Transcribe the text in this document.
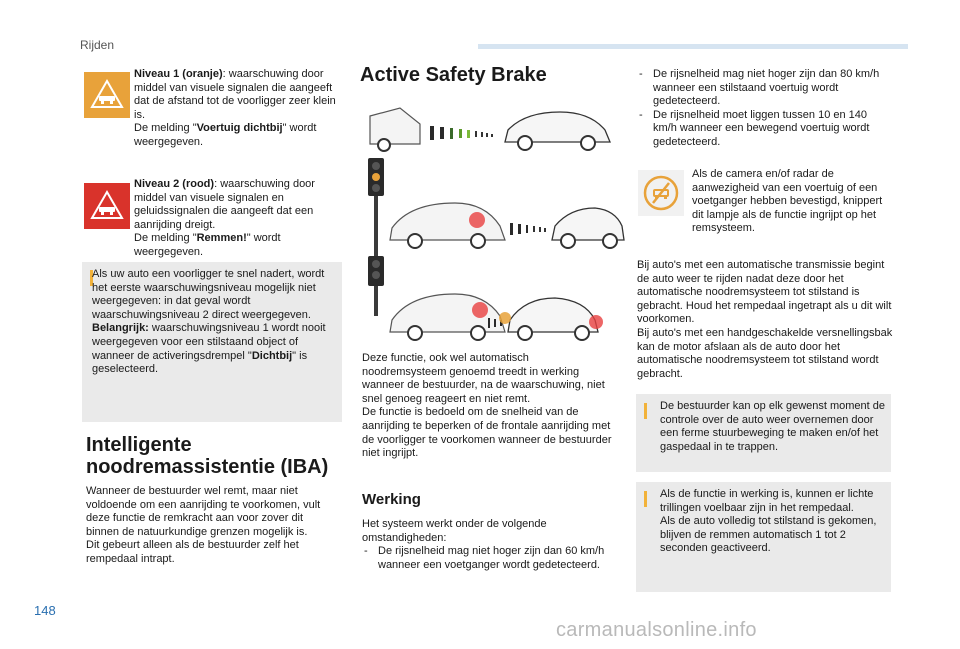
Rijden
Niveau 1 (oranje): waarschuwing door middel van visuele signalen die aangeeft dat de afstand tot de voorligger zeer klein is.
De melding "Voertuig dichtbij" wordt weergegeven.
Niveau 2 (rood): waarschuwing door middel van visuele signalen en geluidssignalen die aangeeft dat een aanrijding dreigt.
De melding "Remmen!" wordt weergegeven.
Als uw auto een voorligger te snel nadert, wordt het eerste waarschuwingsniveau mogelijk niet weergegeven: in dat geval wordt waarschuwingsniveau 2 direct weergegeven.
Belangrijk: waarschuwingsniveau 1 wordt nooit weergegeven voor een stilstaand object of wanneer de activeringsdrempel "Dichtbij" is geselecteerd.
Intelligente
noodremassistentie (IBA)
Wanneer de bestuurder wel remt, maar niet voldoende om een aanrijding te voorkomen, vult deze functie de remkracht aan voor zover dit binnen de natuurkundige grenzen mogelijk is.
Dit gebeurt alleen als de bestuurder zelf het rempedaal intrapt.
Active Safety Brake
Deze functie, ook wel automatisch noodremsysteem genoemd treedt in werking wanneer de bestuurder, na de waarschuwing, niet snel genoeg reageert en niet remt.
De functie is bedoeld om de snelheid van de aanrijding te beperken of de frontale aanrijding met de voorligger te voorkomen wanneer de bestuurder niet ingrijpt.
Werking
Het systeem werkt onder de volgende omstandigheden:
- De rijsnelheid mag niet hoger zijn dan 60 km/h wanneer een voetganger wordt gedetecteerd.
- De rijsnelheid mag niet hoger zijn dan 80 km/h wanneer een stilstaand voertuig wordt gedetecteerd.
- De rijsnelheid moet liggen tussen 10 en 140 km/h wanneer een bewegend voertuig wordt gedetecteerd.
Als de camera en/of radar de aanwezigheid van een voertuig of een voetganger hebben bevestigd, knippert dit lampje als de functie ingrijpt op het remsysteem.
Bij auto's met een automatische transmissie begint de auto weer te rijden nadat deze door het automatische noodremsysteem tot stilstand is gebracht. Houd het rempedaal ingetrapt als u dit wilt voorkomen.
Bij auto's met een handgeschakelde versnellingsbak kan de motor afslaan als de auto door het automatische noodremsysteem tot stilstand wordt gebracht.
De bestuurder kan op elk gewenst moment de controle over de auto weer overnemen door een ferme stuurbeweging te maken en/of het gaspedaal in te trappen.
Als de functie in werking is, kunnen er lichte trillingen voelbaar zijn in het rempedaal.
Als de auto volledig tot stilstand is gekomen, blijven de remmen automatisch 1 tot 2 seconden geactiveerd.
148
carmanualsonline.info
